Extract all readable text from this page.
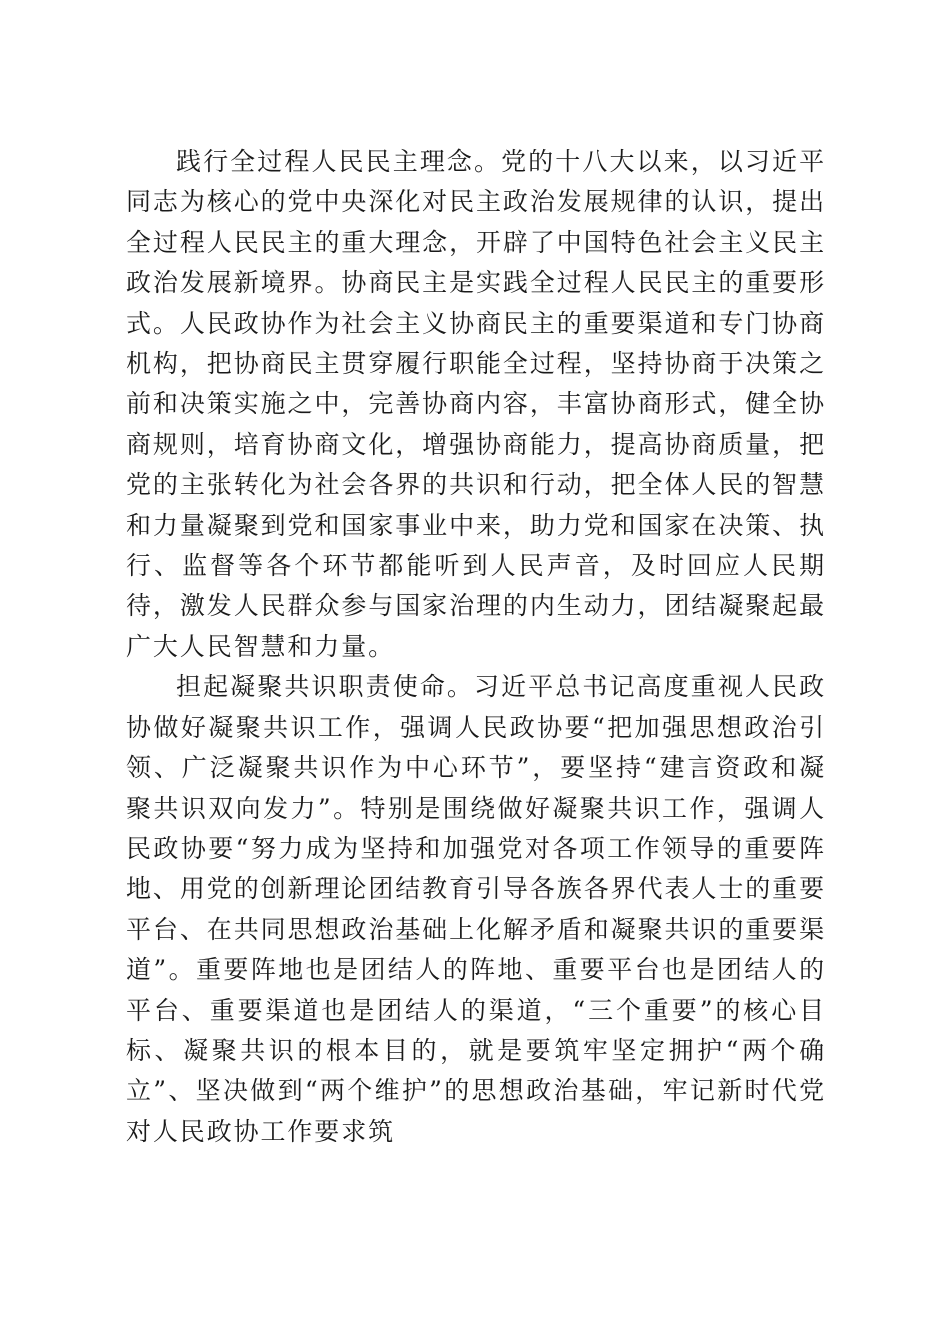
践行全过程人民民主理念。党的十八大以来，以习近平同志为核心的党中央深化对民主政治发展规律的认识，提出全过程人民民主的重大理念，开辟了中国特色社会主义民主政治发展新境界。协商民主是实践全过程人民民主的重要形式。人民政协作为社会主义协商民主的重要渠道和专门协商机构，把协商民主贯穿履行职能全过程，坚持协商于决策之前和决策实施之中，完善协商内容，丰富协商形式，健全协商规则，培育协商文化，增强协商能力，提高协商质量，把党的主张转化为社会各界的共识和行动，把全体人民的智慧和力量凝聚到党和国家事业中来，助力党和国家在决策、执行、监督等各个环节都能听到人民声音，及时回应人民期待，激发人民群众参与国家治理的内生动力，团结凝聚起最广大人民智慧和力量。

担起凝聚共识职责使命。习近平总书记高度重视人民政协做好凝聚共识工作，强调人民政协要“把加强思想政治引领、广泛凝聚共识作为中心环节”，要坚持“建言资政和凝聚共识双向发力”。特别是围绕做好凝聚共识工作，强调人民政协要“努力成为坚持和加强党对各项工作领导的重要阵地、用党的创新理论团结教育引导各族各界代表人士的重要平台、在共同思想政治基础上化解矛盾和凝聚共识的重要渠道”。重要阵地也是团结人的阵地、重要平台也是团结人的平台、重要渠道也是团结人的渠道，“三个重要”的核心目标、凝聚共识的根本目的，就是要筑牢坚定拥护“两个确立”、坚决做到“两个维护”的思想政治基础，牢记新时代党对人民政协工作要求筑
